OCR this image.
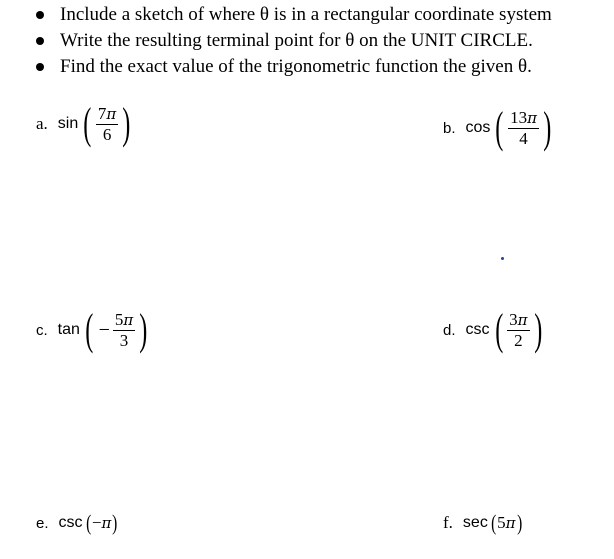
Include a sketch of where θ is in a rectangular coordinate system
Write the resulting terminal point for θ on the UNIT CIRCLE.
Find the exact value of the trigonometric function the given θ.
a. sin ( $\frac{7\pi}{6}$ )	b. cos ( $\frac{13\pi}{4}$ )
c. tan ( − $\frac{5\pi}{3}$ )	d. csc ( $\frac{3\pi}{2}$ )
e. csc ( −π )	f. sec ( 5π )
